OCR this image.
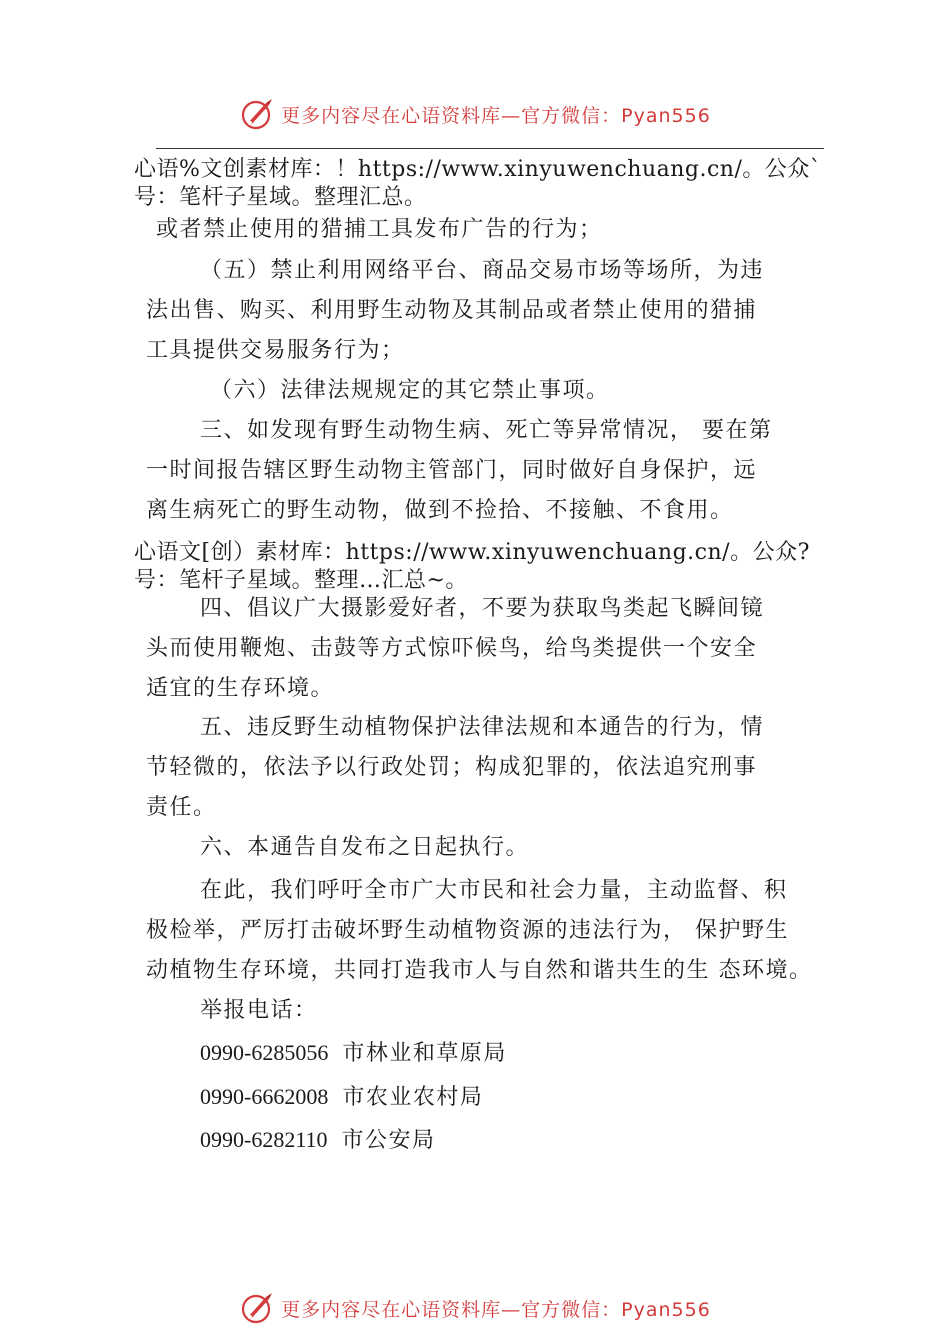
更多内容尽在心语资料库—官方微信：Pyan556
心语%文创素材库：！https://www.xinyuwenchuang.cn/。公众`
号：笔杆子星域。整理汇总。
或者禁止使用的猎捕工具发布广告的行为；
（五）禁止利用网络平台、商品交易市场等场所，为违
法出售、购买、利用野生动物及其制品或者禁止使用的猎捕
工具提供交易服务行为；
（六）法律法规规定的其它禁止事项。
三、如发现有野生动物生病、死亡等异常情况， 要在第
一时间报告辖区野生动物主管部门，同时做好自身保护，远
离生病死亡的野生动物，做到不捡拾、不接触、不食用。
心语文[创）素材库：https://www.xinyuwenchuang.cn/。公众?
号：笔杆子星域。整理…汇总~。
四、倡议广大摄影爱好者，不要为获取鸟类起飞瞬间镜
头而使用鞭炮、击鼓等方式惊吓候鸟，给鸟类提供一个安全
适宜的生存环境。
五、违反野生动植物保护法律法规和本通告的行为，情
节轻微的，依法予以行政处罚；构成犯罪的，依法追究刑事
责任。
六、本通告自发布之日起执行。
在此，我们呼吁全市广大市民和社会力量，主动监督、积
极检举，严厉打击破坏野生动植物资源的违法行为， 保护野生
动植物生存环境，共同打造我市人与自然和谐共生的生 态环境。
举报电话：
0990-6285056 市林业和草原局
0990-6662008 市农业农村局
0990-6282110 市公安局
更多内容尽在心语资料库—官方微信：Pyan556
